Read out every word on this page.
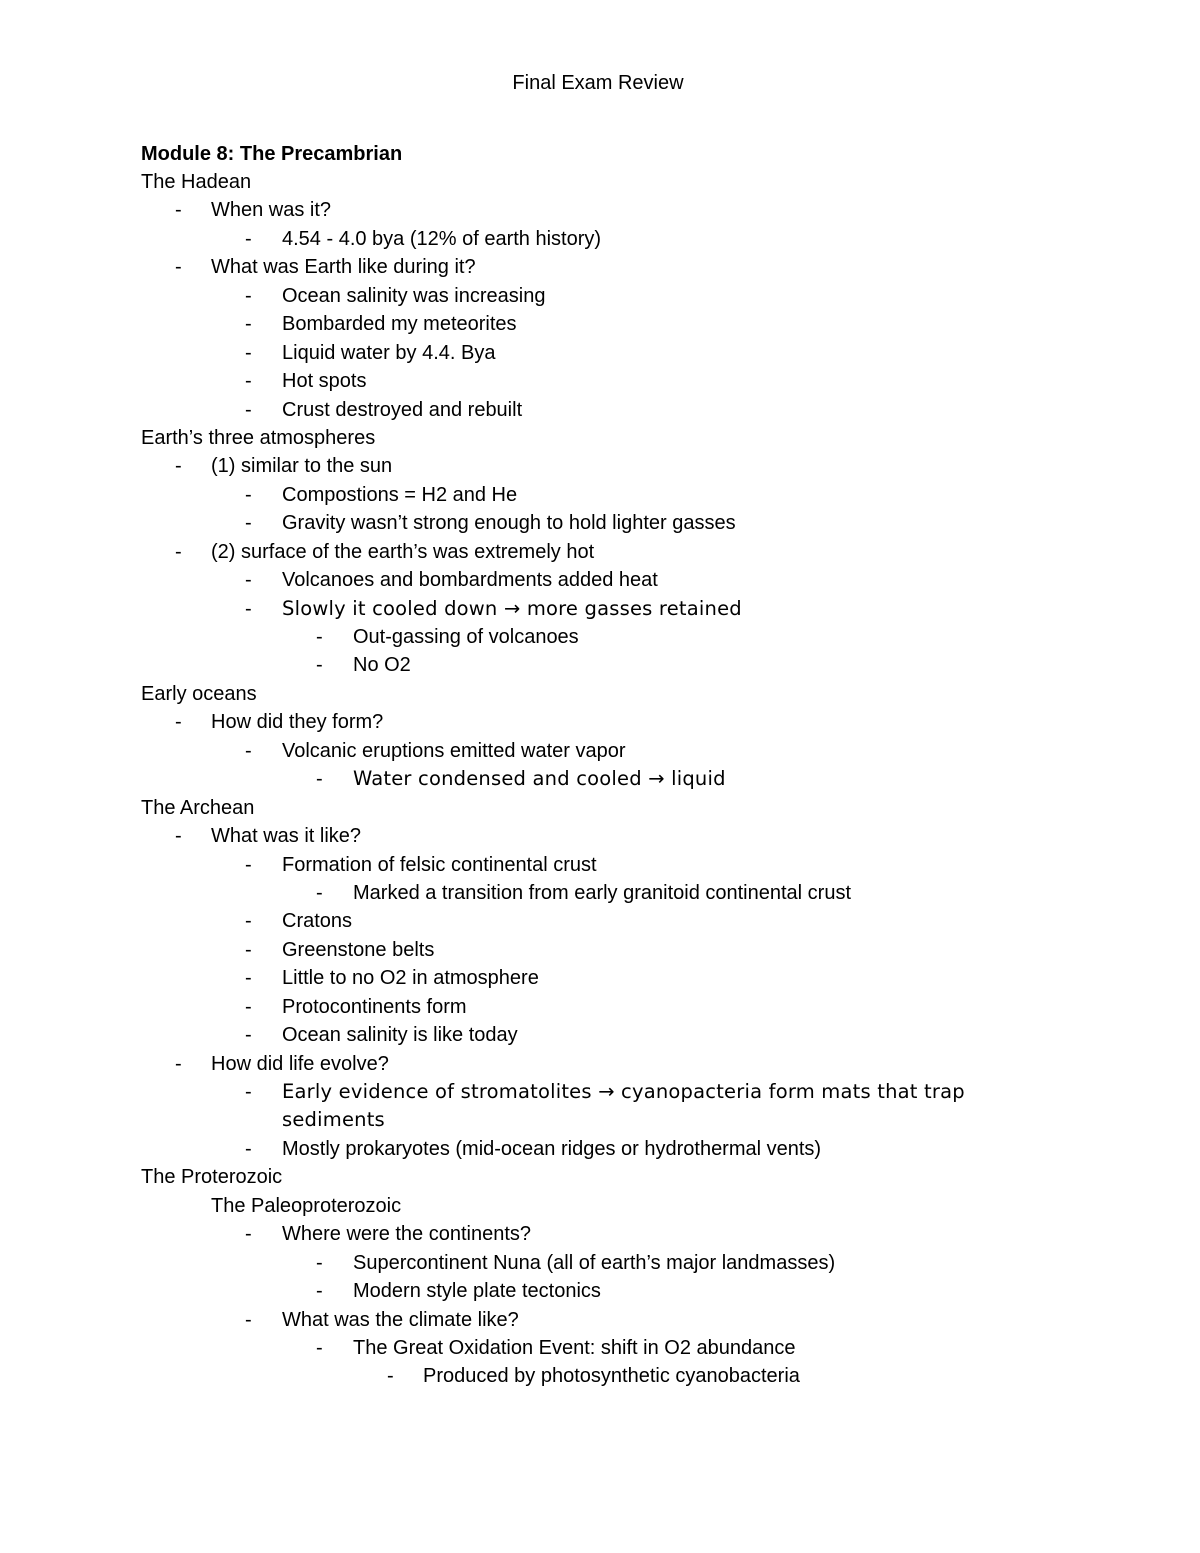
Final Exam Review
Module 8: The Precambrian
The Hadean
-	When was it?
-	4.54 - 4.0 bya (12% of earth history)
-	What was Earth like during it?
-	Ocean salinity was increasing
-	Bombarded my meteorites
-	Liquid water by 4.4. Bya
-	Hot spots
-	Crust destroyed and rebuilt
Earth’s three atmospheres
-	(1) similar to the sun
-	Compostions = H2 and He
-	Gravity wasn’t strong enough to hold lighter gasses
-	(2) surface of the earth’s was extremely hot
-	Volcanoes and bombardments added heat
-	Slowly it cooled down → more gasses retained
-	Out-gassing of volcanoes
-	No O2
Early oceans
-	How did they form?
-	Volcanic eruptions emitted water vapor
-	Water condensed and cooled → liquid
The Archean
-	What was it like?
-	Formation of felsic continental crust
-	Marked a transition from early granitoid continental crust
-	Cratons
-	Greenstone belts
-	Little to no O2 in atmosphere
-	Protocontinents form
-	Ocean salinity is like today
-	How did life evolve?
-	Early evidence of stromatolites → cyanopacteria form mats that trap
sediments
-	Mostly prokaryotes (mid-ocean ridges or hydrothermal vents)
The Proterozoic
The Paleoproterozoic
-	Where were the continents?
-	Supercontinent Nuna (all of earth’s major landmasses)
-	Modern style plate tectonics
-	What was the climate like?
-	The Great Oxidation Event: shift in O2 abundance
-	Produced by photosynthetic cyanobacteria
